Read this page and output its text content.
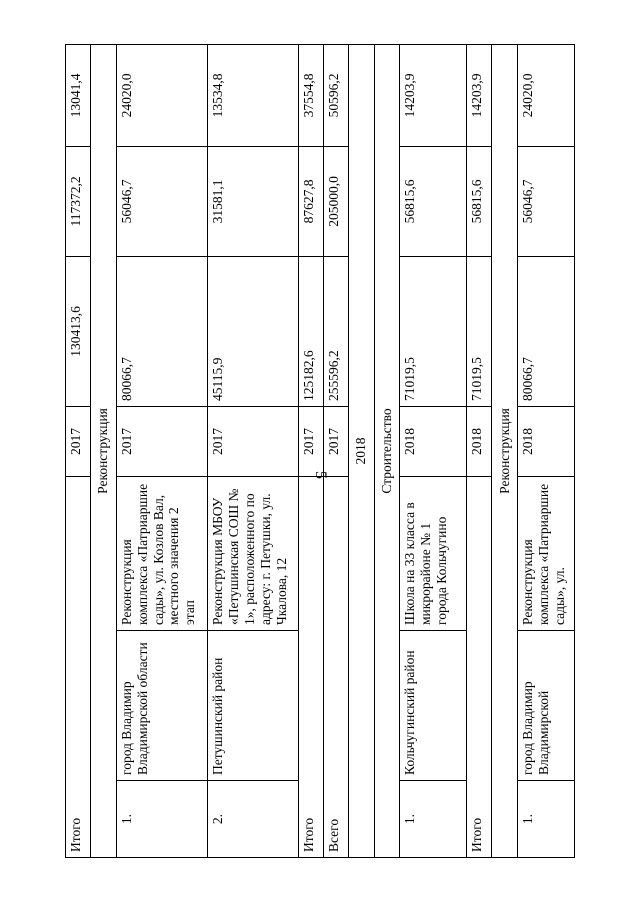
5
Итого			2017	130413,6	117372,2	13041,4
Реконструкция						
1.	город Владимир Владимирской области	Реконструкция комплекса «Патриаршие сады», ул. Козлов Вал, местного значения 2 этап	2017	80066,7	56046,7	24020,0
2.	Петушинский район	Реконструкция МБОУ «Петушинская СОШ № 1», расположенного по адресу: г. Петушки, ул. Чкалова, 12	2017	45115,9	31581,1	13534,8
Итого			2017	125182,6	87627,8	37554,8
Всего			2017	255596,2	205000,0	50596,2
2018						
Строительство						
1.	Кольчугинский район	Школа на 33 класса в микрорайоне № 1 города Кольчугино	2018	71019,5	56815,6	14203,9
Итого			2018	71019,5	56815,6	14203,9
Реконструкция						
1.	город Владимир Владимирской	Реконструкция комплекса «Патриаршие сады», ул.	2018	80066,7	56046,7	24020,0
